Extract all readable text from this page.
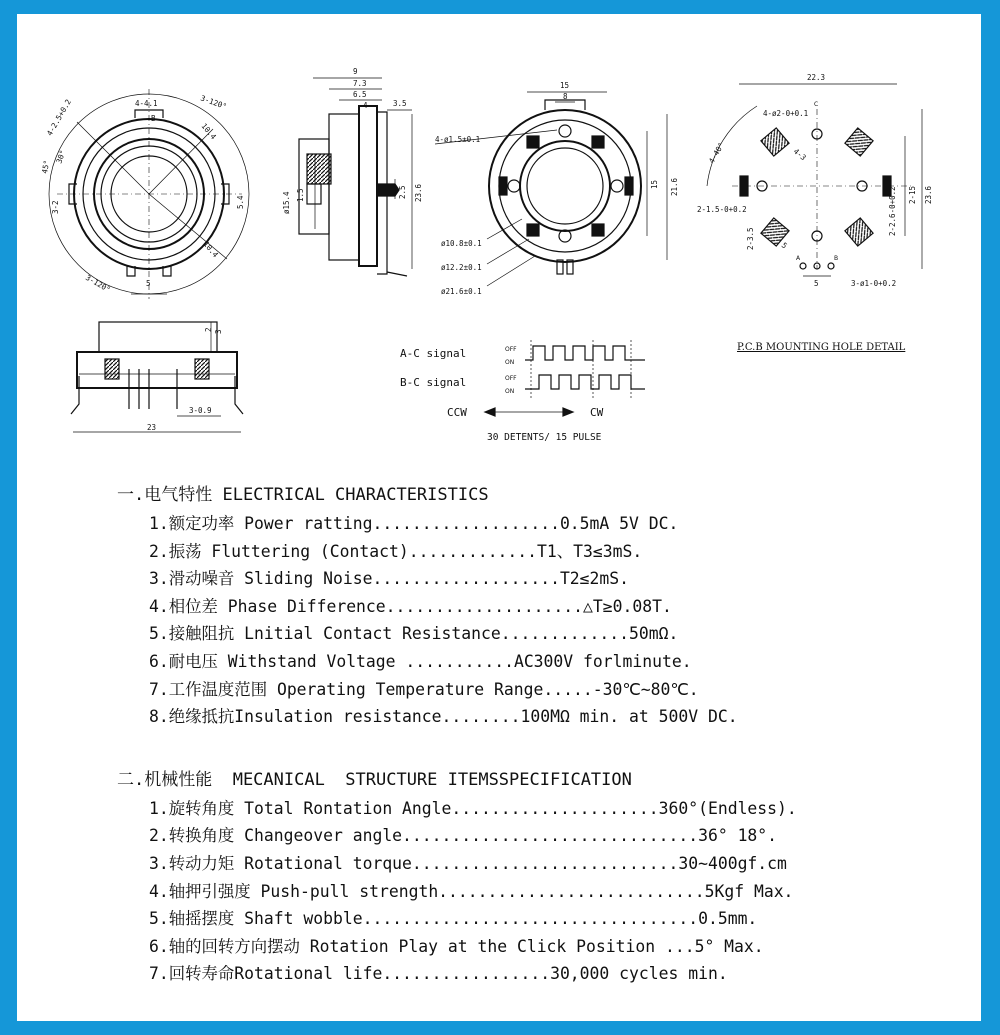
4-2.5+0.2	4-4.1	3-120°
10.4
45°
30°
B
3-2	5.4
10.4
5
3-120°
9
7.3
6.5
4	3.5
ø15.4 1.5	2.5 23.6
15
8
4-ø1.5±0.1
15 21.6
ø10.8±0.1
ø12.2±0.1
ø21.6±0.1
22.3
C
4-ø2-0+0.1
4-40°	4-3
2-1.5-0+0.2
2-15 23.6
2-2.6-0+0.2
A	B
5	3-ø1-0+0.2
2-3.5	5
P.C.B MOUNTING HOLE DETAIL
2 3
3-0.9
23
A-C signal
B-C signal
OFF
ON
OFF
ON
CCW	CW
30 DETENTS/ 15 PULSE
一.电气特性 ELECTRICAL CHARACTERISTICS
1.额定功率 Power ratting...................0.5mA 5V DC.
2.振荡 Fluttering (Contact).............T1、T3≤3mS.
3.滑动噪音 Sliding Noise...................T2≤2mS.
4.相位差 Phase Difference....................△T≥0.08T.
5.接触阻抗 Lnitial Contact Resistance.............50mΩ.
6.耐电压 Withstand Voltage ...........AC300V forlminute.
7.工作温度范围 Operating Temperature Range.....-30℃~80℃.
8.绝缘抵抗Insulation resistance........100MΩ min. at 500V DC.
二.机械性能  MECANICAL  STRUCTURE ITEMSSPECIFICATION
1.旋转角度 Total Rontation Angle.....................360°(Endless).
2.转换角度 Changeover angle..............................36° 18°.
3.转动力矩 Rotational torque...........................30~400gf.cm
4.轴押引强度 Push-pull strength...........................5Kgf Max.
5.轴摇摆度 Shaft wobble..................................0.5mm.
6.轴的回转方向摆动 Rotation Play at the Click Position ...5° Max.
7.回转寿命Rotational life.................30,000 cycles min.
